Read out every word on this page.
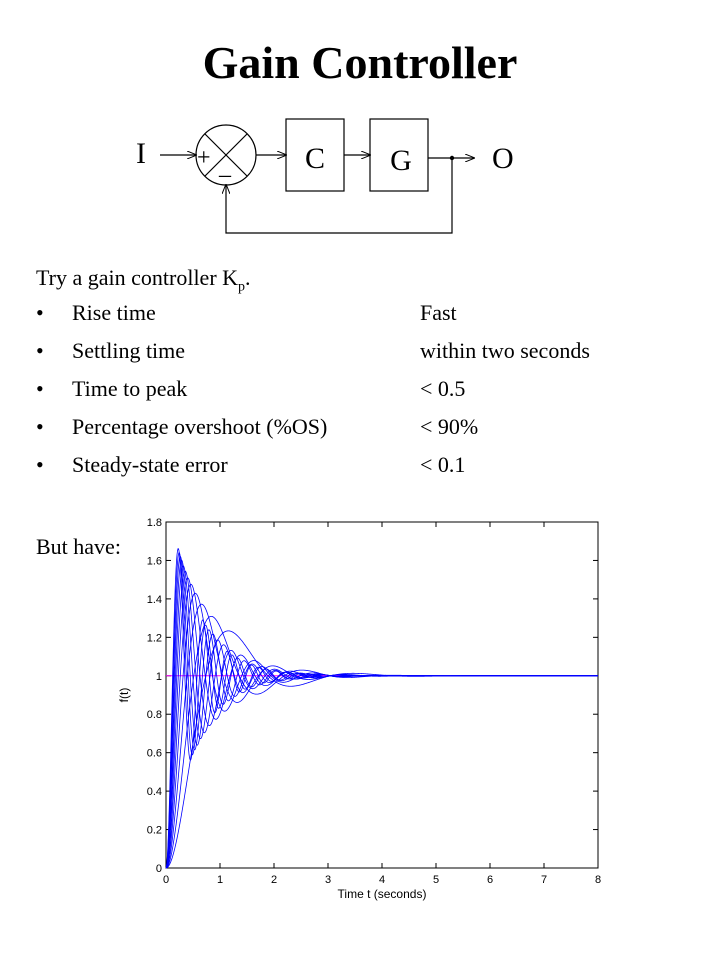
Gain Controller
I + _ C G	O
Try a gain controller $K_p$.
• Rise time	Fast
• Settling time	within two seconds
• Time to peak	< 0.5
• Percentage overshoot (%OS)	< 90%
• Steady-state error	< 0.1
But have:
0
0.2
0.4
0.6
0.8
1
1.2
1.4
1.6
1.8
0	1	2	3	4	5	6	7	8
Time t (seconds)
f(t)
